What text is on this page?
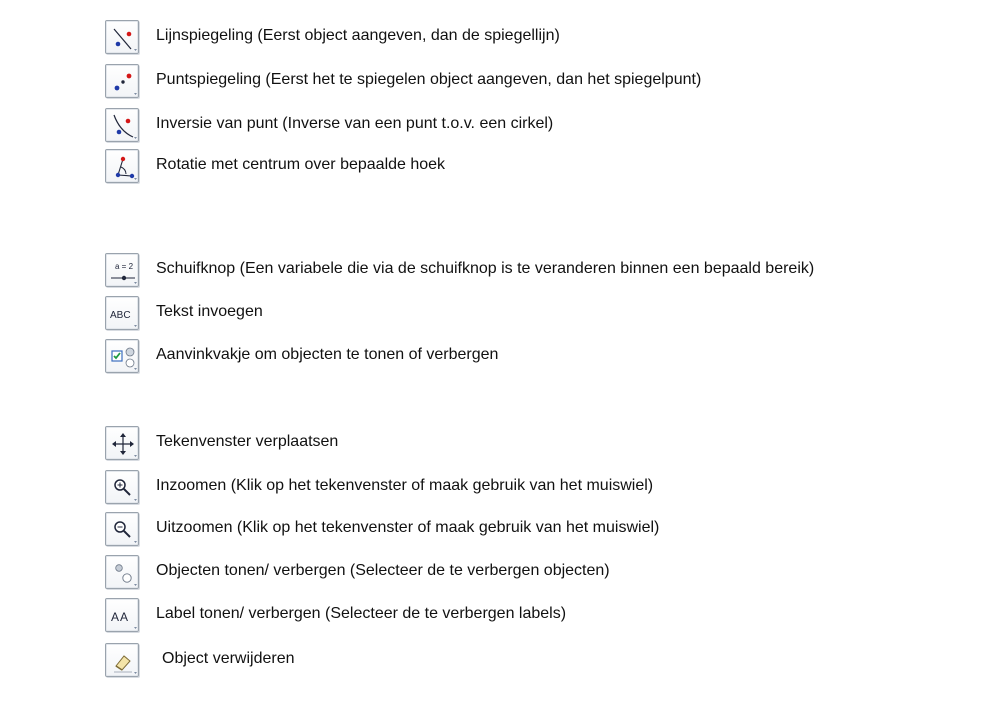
Lijnspiegeling (Eerst object aangeven, dan de spiegellijn)
Puntspiegeling (Eerst het te spiegelen object aangeven, dan het spiegelpunt)
Inversie van punt (Inverse van een punt t.o.v. een cirkel)
Rotatie met centrum over bepaalde hoek
a = 2 Schuifknop (Een variabele die via de schuifknop is te veranderen binnen een bepaald bereik)
ABC Tekst invoegen
Aanvinkvakje om objecten te tonen of verbergen
Tekenvenster verplaatsen
Inzoomen (Klik op het tekenvenster of maak gebruik van het muiswiel)
Uitzoomen (Klik op het tekenvenster of maak gebruik van het muiswiel)
Objecten tonen/ verbergen (Selecteer de te verbergen objecten)
AA Label tonen/ verbergen (Selecteer de te verbergen labels)
Object verwijderen
